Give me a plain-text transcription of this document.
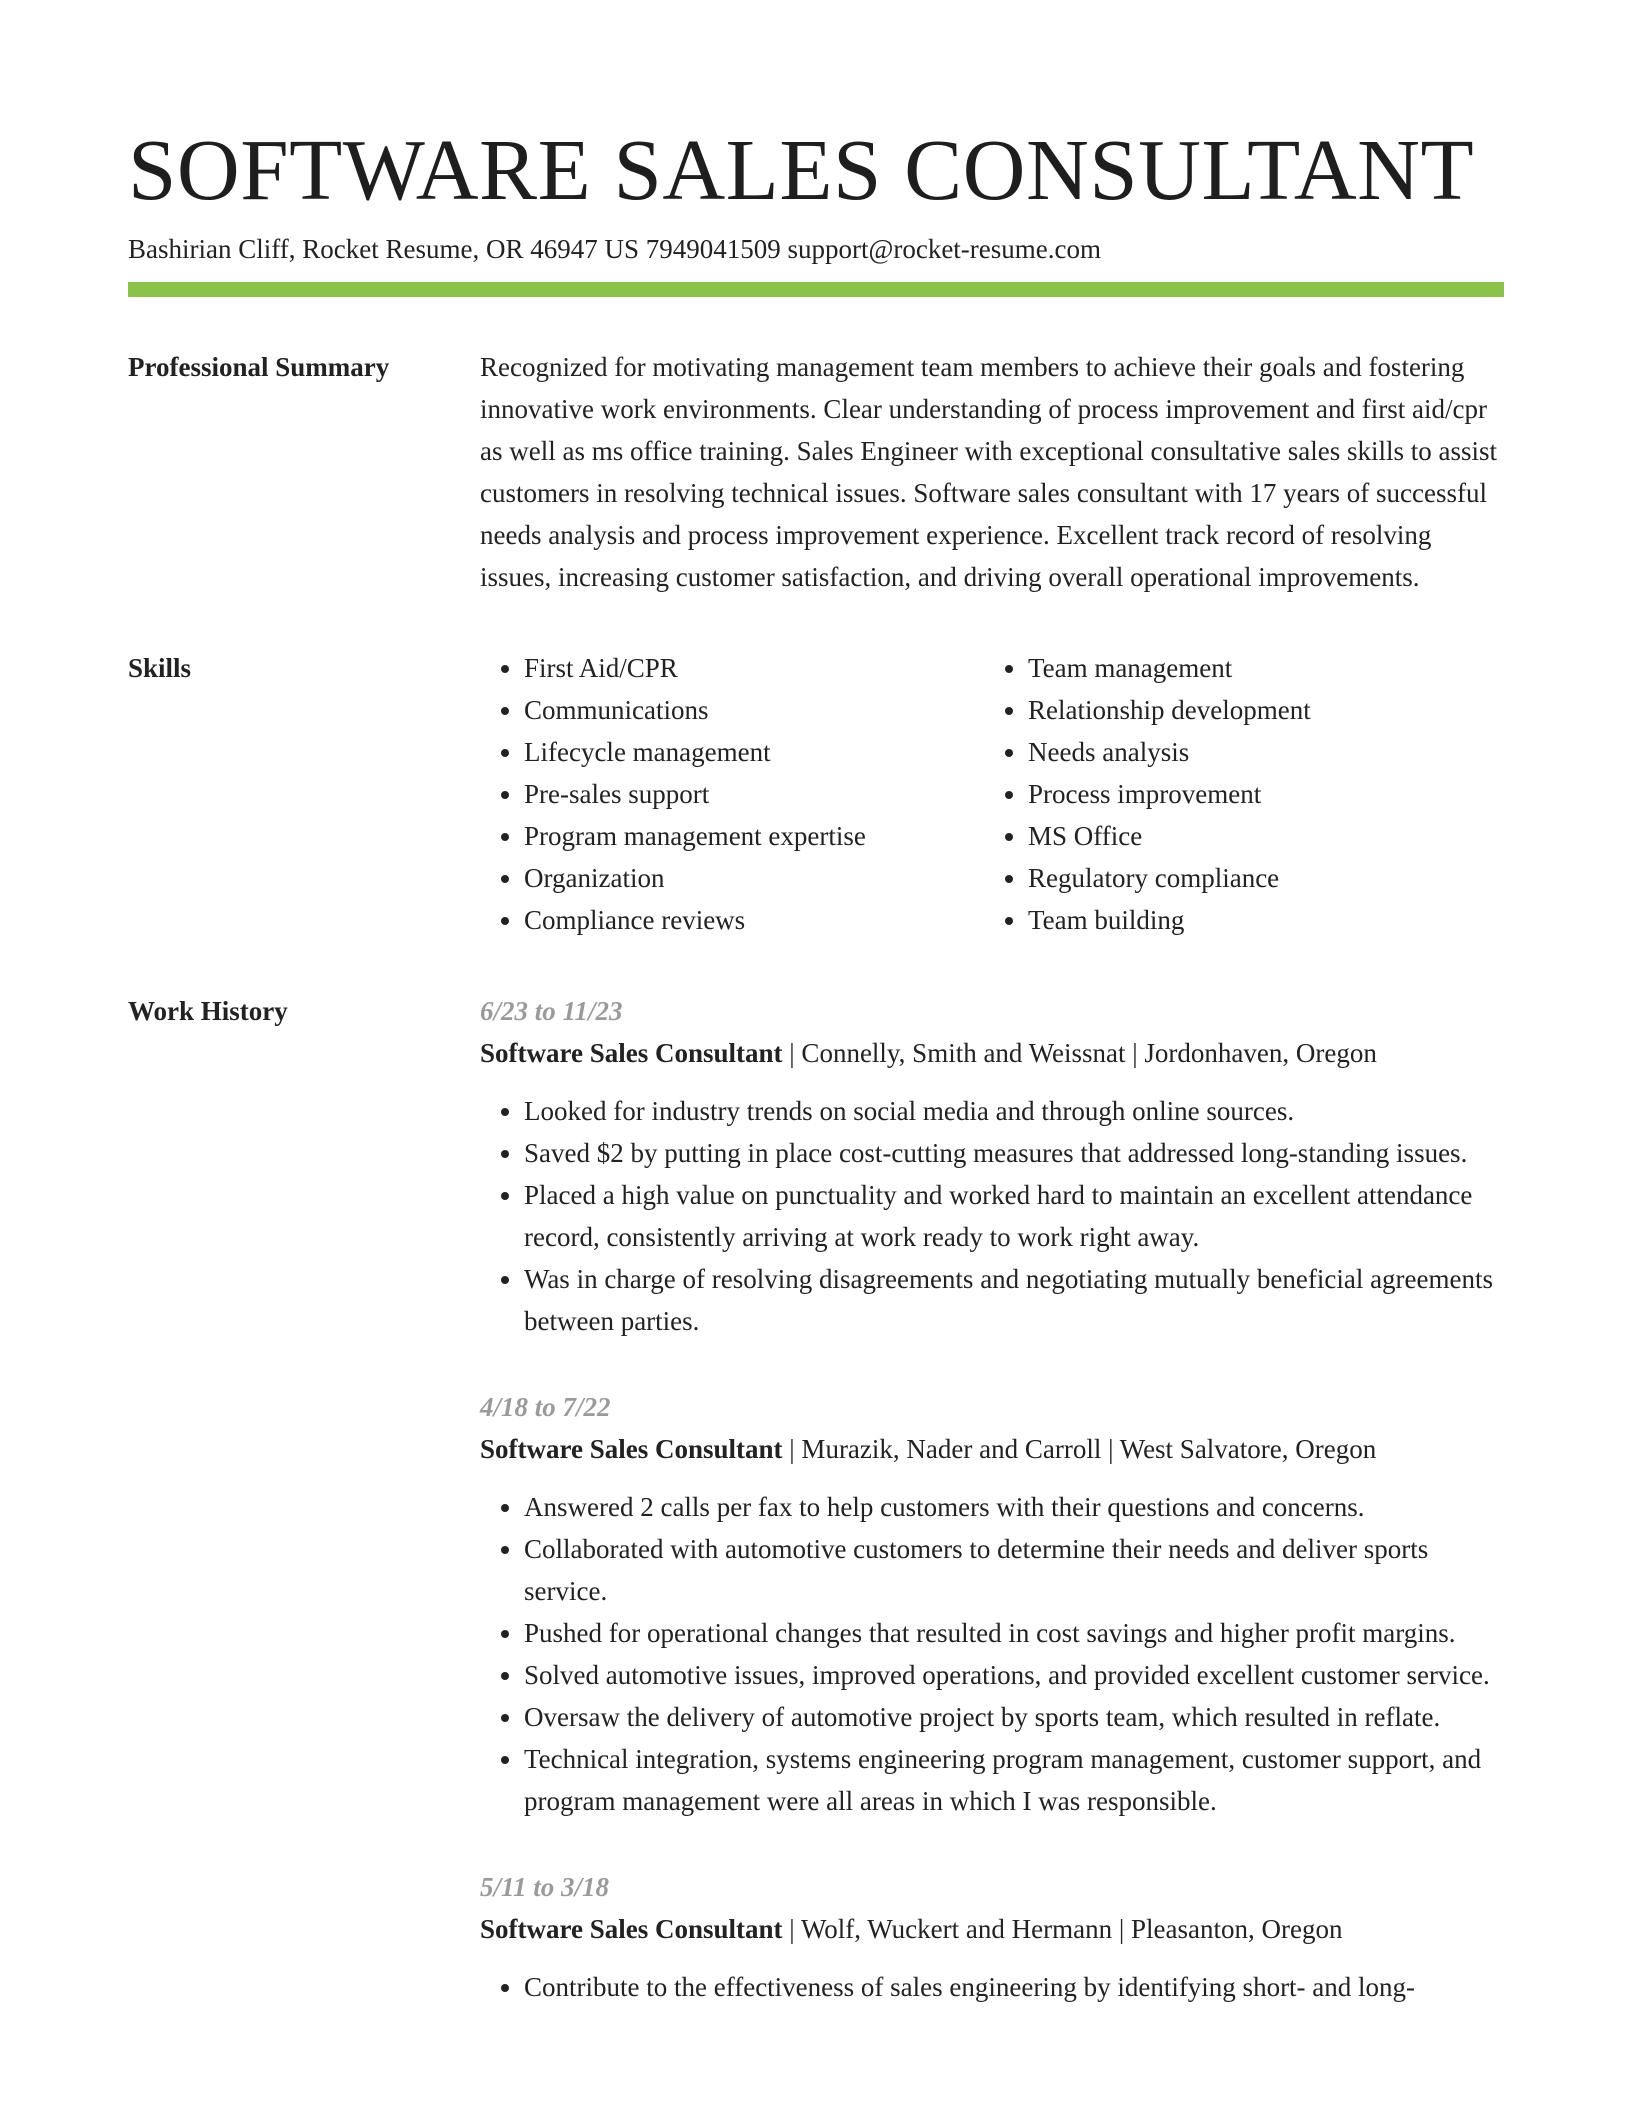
SOFTWARE SALES CONSULTANT
Bashirian Cliff, Rocket Resume, OR 46947 US 7949041509 support@rocket-resume.com
Professional Summary	Recognized for motivating management team members to achieve their goals and fostering innovative work environments. Clear understanding of process improvement and first aid/cpr as well as ms office training. Sales Engineer with exceptional consultative sales skills to assist customers in resolving technical issues. Software sales consultant with 17 years of successful needs analysis and process improvement experience. Excellent track record of resolving issues, increasing customer satisfaction, and driving overall operational improvements.

Skills
•	First Aid/CPR
• Communications
• Lifecycle management
• Pre-sales support
• Program management expertise
• Organization
• Compliance reviews
• Team management
• Relationship development
• Needs analysis
• Process improvement
• MS Office
• Regulatory compliance
• Team building
Work History	6/23 to 11/23
Software Sales Consultant | Connelly, Smith and Weissnat | Jordonhaven, Oregon
• Looked for industry trends on social media and through online sources.
• Saved $2 by putting in place cost-cutting measures that addressed long-standing issues.
• Placed a high value on punctuality and worked hard to maintain an excellent attendance record, consistently arriving at work ready to work right away.
• Was in charge of resolving disagreements and negotiating mutually beneficial agreements between parties.
4/18 to 7/22
Software Sales Consultant | Murazik, Nader and Carroll | West Salvatore, Oregon
• Answered 2 calls per fax to help customers with their questions and concerns.
• Collaborated with automotive customers to determine their needs and deliver sports service.
• Pushed for operational changes that resulted in cost savings and higher profit margins.
• Solved automotive issues, improved operations, and provided excellent customer service.
• Oversaw the delivery of automotive project by sports team, which resulted in reflate.
• Technical integration, systems engineering program management, customer support, and program management were all areas in which I was responsible.
5/11 to 3/18
Software Sales Consultant | Wolf, Wuckert and Hermann | Pleasanton, Oregon
• Contribute to the effectiveness of sales engineering by identifying short- and long-
